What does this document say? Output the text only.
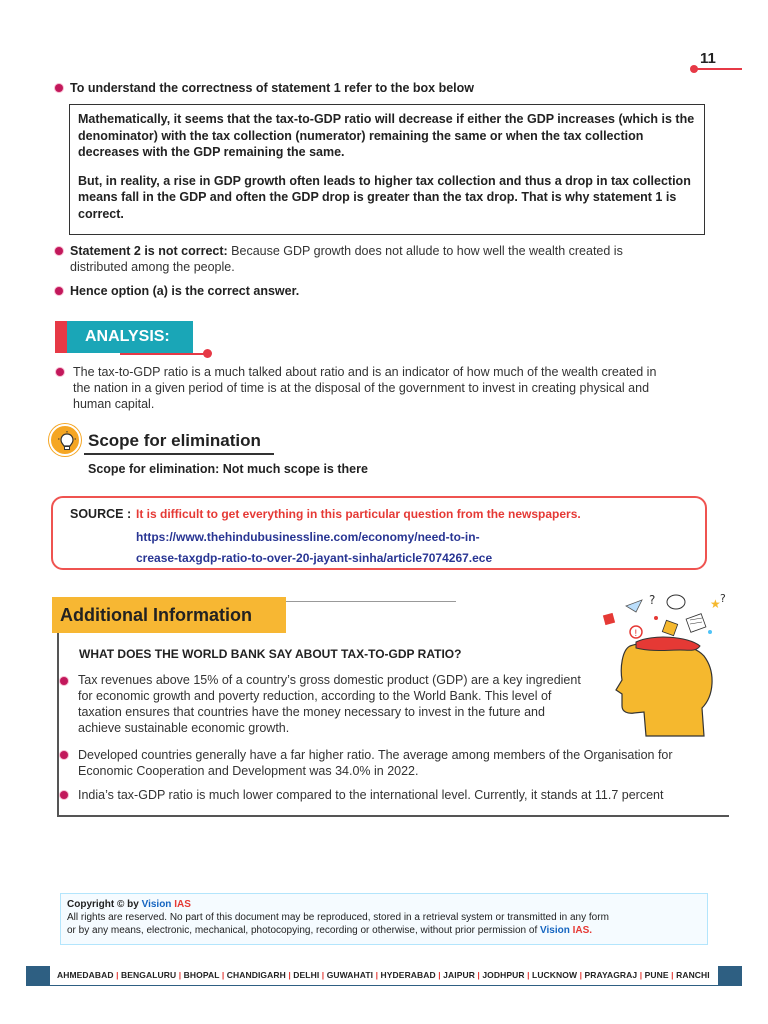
11
To understand the correctness of statement 1 refer to the box below

Mathematically, it seems that the tax-to-GDP ratio will decrease if either the GDP increases (which is the denominator) with the tax collection (numerator) remaining the same or when the tax collection decreases with the GDP remaining the same.

But, in reality, a rise in GDP growth often leads to higher tax collection and thus a drop in tax collection means fall in the GDP and often the GDP drop is greater than the tax drop. That is why statement 1 is correct.

Statement 2 is not correct: Because GDP growth does not allude to how well the wealth created is
distributed among the people.
Hence option (a) is the correct answer.
ANALYSIS:
The tax-to-GDP ratio is a much talked about ratio and is an indicator of how much of the wealth created in
the nation in a given period of time is at the disposal of the government to invest in creating physical and
human capital.
Scope for elimination
Scope for elimination: Not much scope is there
SOURCE : It is difficult to get everything in this particular question from the newspapers.
https://www.thehindubusinessline.com/economy/need-to-in-
crease-taxgdp-ratio-to-over-20-jayant-sinha/article7074267.ece
Additional Information
!
?	★ ?
WHAT DOES THE WORLD BANK SAY ABOUT TAX-TO-GDP RATIO?
Tax revenues above 15% of a country’s gross domestic product (GDP) are a key ingredient
for economic growth and poverty reduction, according to the World Bank. This level of
taxation ensures that countries have the money necessary to invest in the future and
achieve sustainable economic growth.
Developed countries generally have a far higher ratio. The average among members of the Organisation for
Economic Cooperation and Development was 34.0% in 2022.
India’s tax-GDP ratio is much lower compared to the international level. Currently, it stands at 11.7 percent
Copyright © by Vision IAS
All rights are reserved. No part of this document may be reproduced, stored in a retrieval system or transmitted in any form
or by any means, electronic, mechanical, photocopying, recording or otherwise, without prior permission of Vision IAS.
AHMEDABAD | BENGALURU | BHOPAL | CHANDIGARH | DELHI | GUWAHATI | HYDERABAD | JAIPUR | JODHPUR | LUCKNOW | PRAYAGRAJ | PUNE | RANCHI
